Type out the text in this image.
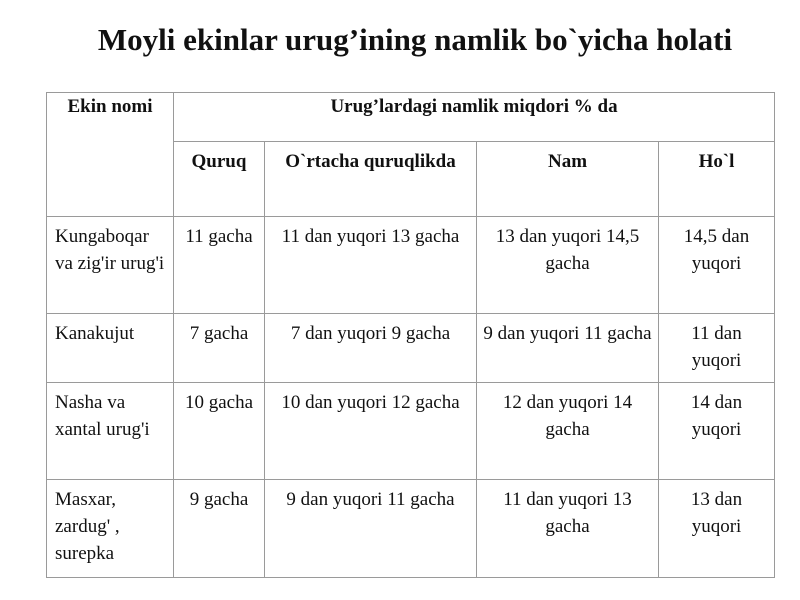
Moyli ekinlar urug’ining namlik bo`yicha holati
Ekin nomi	Urug’lardagi namlik miqdori % da			
	Quruq	O`rtacha quruqlikda	Nam	Ho`l
Kungaboqar va zig'ir urug'i	11 gacha	11 dan yuqori 13 gacha	13 dan yuqori 14,5 gacha	14,5 dan yuqori
Kanakujut	7 gacha	7 dan yuqori 9 gacha	9 dan yuqori 11 gacha	11 dan yuqori
Nasha va xantal urug'i	10 gacha	10 dan yuqori 12 gacha	12 dan yuqori 14 gacha	14 dan yuqori
Masxar, zardug' , surepka	9 gacha	9 dan yuqori 11 gacha	11 dan yuqori 13 gacha	13 dan yuqori
